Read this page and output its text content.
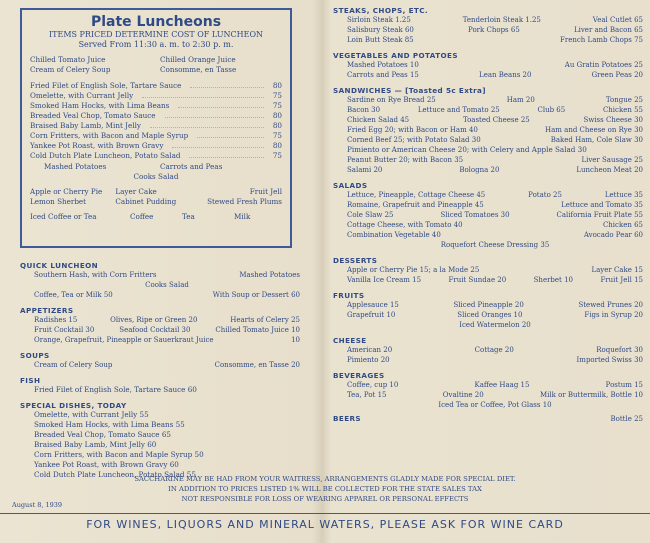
Plate Luncheons
ITEMS PRICED DETERMINE COST OF LUNCHEON
Served From 11:30 a. m. to 2:30 p. m.
Chilled Tomato Juice	Chilled Orange Juice
Cream of Celery Soup	Consomme, en Tasse
Fried Filet of English Sole, Tartare Sauce	80
Omelette, with Currant Jelly	75
Smoked Ham Hocks, with Lima Beans	75
Breaded Veal Chop, Tomato Sauce	80
Braised Baby Lamb, Mint Jelly	80
Corn Fritters, with Bacon and Maple Syrup	75
Yankee Pot Roast, with Brown Gravy	80
Cold Dutch Plate Luncheon, Potato Salad	75
Mashed Potatoes	Carrots and Peas
Cooks Salad
Apple or Cherry Pie	Layer Cake	Fruit Jell
Lemon Sherbet	Cabinet Pudding	Stewed Fresh Plums
Iced Coffee or Tea	Coffee	Tea	Milk
QUICK LUNCHEON
Southern Hash, with Corn Fritters	Mashed Potatoes
Cooks Salad
Coffee, Tea or Milk 50	With Soup or Dessert 60
APPETIZERS
Radishes 15	Olives, Ripe or Green 20	Hearts of Celery 25
Fruit Cocktail 30	Seafood Cocktail 30	Chilled Tomato Juice 10
Orange, Grapefruit, Pineapple or Sauerkraut Juice	10
SOUPS
Cream of Celery Soup	Consomme, en Tasse 20
FISH
Fried Filet of English Sole, Tartare Sauce 60
SPECIAL DISHES, TODAY
Omelette, with Currant Jelly 55
Smoked Ham Hocks, with Lima Beans 55
Breaded Veal Chop, Tomato Sauce 65
Braised Baby Lamb, Mint Jelly 60
Corn Fritters, with Bacon and Maple Syrup 50
Yankee Pot Roast, with Brown Gravy 60
Cold Dutch Plate Luncheon, Potato Salad 55
STEAKS, CHOPS, ETC.
Sirloin Steak 1.25	Tenderloin Steak 1.25	Veal Cutlet 65
Salisbury Steak 60	Pork Chops 65	Liver and Bacon 65
Loin Butt Steak 85	French Lamb Chops 75
VEGETABLES AND POTATOES
Mashed Potatoes 10	Au Gratin Potatoes 25
Carrots and Peas 15	Lean Beans 20	Green Peas 20
SANDWICHES — [Toasted 5c Extra]
Sardine on Rye Bread 25	Ham 20	Tongue 25
Bacon 30	Lettuce and Tomato 25	Club 65	Chicken 55
Chicken Salad 45	Toasted Cheese 25	Swiss Cheese 30
Fried Egg 20; with Bacon or Ham 40	Ham and Cheese on Rye 30
Corned Beef 25; with Potato Salad 30	Baked Ham, Cole Slaw 30
Pimiento or American Cheese 20; with Celery and Apple Salad 30
Peanut Butter 20; with Bacon 35	Liver Sausage 25
Salami 20	Bologna 20	Luncheon Meat 20
SALADS
Lettuce, Pineapple, Cottage Cheese 45	Potato 25	Lettuce 35
Romaine, Grapefruit and Pineapple 45	Lettuce and Tomato 35
Cole Slaw 25	Sliced Tomatoes 30	California Fruit Plate 55
Cottage Cheese, with Tomato 40	Chicken 65
Combination Vegetable 40	Avocado Pear 60
Roquefort Cheese Dressing 35
DESSERTS
Apple or Cherry Pie 15; a la Mode 25	Layer Cake 15
Vanilla Ice Cream 15	Fruit Sundae 20	Sherbet 10	Fruit Jell 15
FRUITS
Applesauce 15	Sliced Pineapple 20	Stewed Prunes 20
Grapefruit 10	Sliced Oranges 10	Figs in Syrup 20
Iced Watermelon 20
CHEESE
American 20	Cottage 20	Roquefort 30
Pimiento 20	Imported Swiss 30
BEVERAGES
Coffee, cup 10	Kaffee Haag 15	Postum 15
Tea, Pot 15	Ovaltine 20	Milk or Buttermilk, Bottle 10
Iced Tea or Coffee, Pot Glass 10
BEERS	Bottle 25
SACCHARINE MAY BE HAD FROM YOUR WAITRESS, ARRANGEMENTS GLADLY MADE FOR SPECIAL DIET.
IN ADDITION TO PRICES LISTED 1% WILL BE COLLECTED FOR THE STATE SALES TAX
NOT RESPONSIBLE FOR LOSS OF WEARING APPAREL OR PERSONAL EFFECTS
August 8, 1939
FOR WINES, LIQUORS AND MINERAL WATERS, PLEASE ASK FOR WINE CARD
